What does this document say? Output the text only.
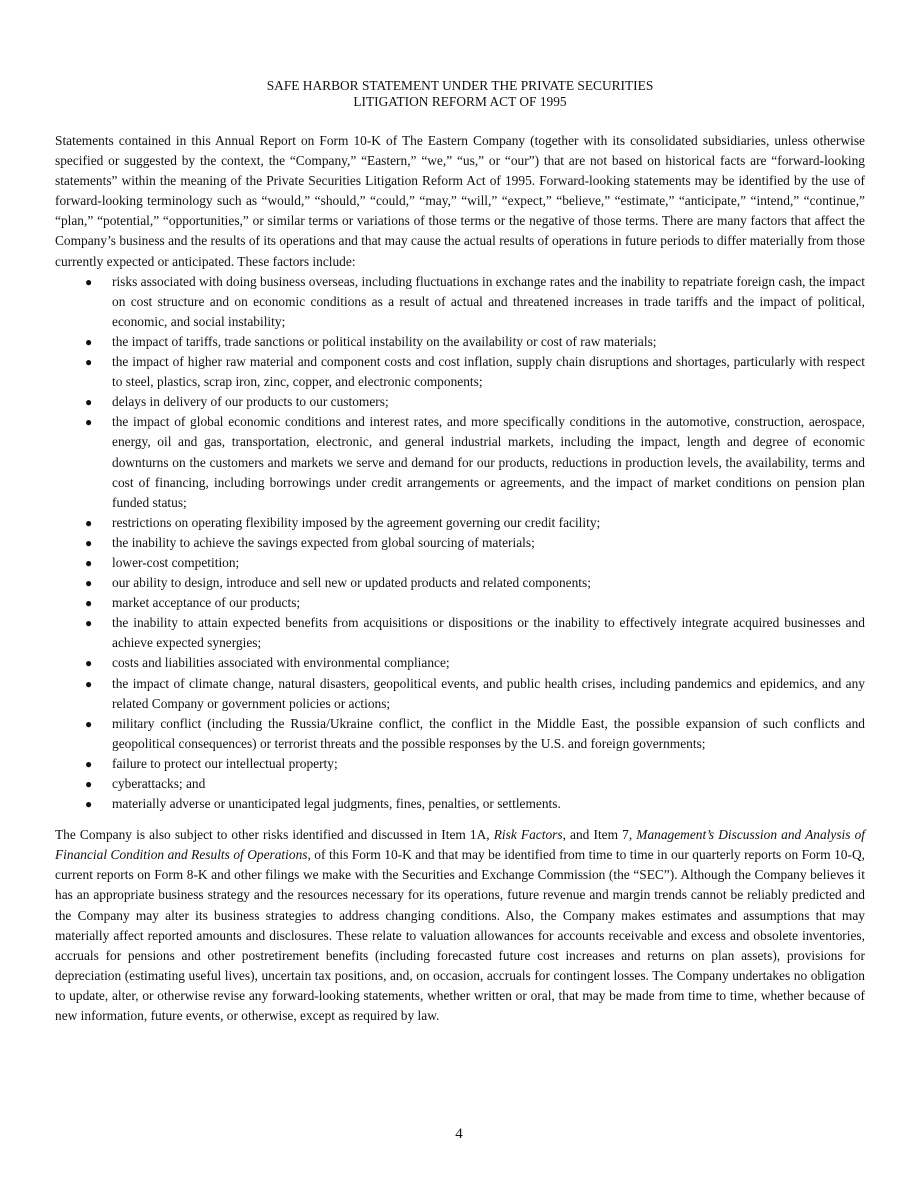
SAFE HARBOR STATEMENT UNDER THE PRIVATE SECURITIES
LITIGATION REFORM ACT OF 1995

Statements contained in this Annual Report on Form 10-K of The Eastern Company (together with its consolidated subsidiaries, unless otherwise specified or suggested by the context, the “Company,” “Eastern,” “we,” “us,” or “our”) that are not based on historical facts are “forward-looking statements” within the meaning of the Private Securities Litigation Reform Act of 1995. Forward-looking statements may be identified by the use of forward-looking terminology such as “would,” “should,” “could,” “may,” “will,” “expect,” “believe,” “estimate,” “anticipate,” “intend,” “continue,” “plan,” “potential,” “opportunities,” or similar terms or variations of those terms or the negative of those terms. There are many factors that affect the Company’s business and the results of its operations and that may cause the actual results of operations in future periods to differ materially from those currently expected or anticipated. These factors include:

● risks associated with doing business overseas, including fluctuations in exchange rates and the inability to repatriate foreign cash, the impact on cost structure and on economic conditions as a result of actual and threatened increases in trade tariffs and the impact of political, economic, and social instability;
● the impact of tariffs, trade sanctions or political instability on the availability or cost of raw materials;
● the impact of higher raw material and component costs and cost inflation, supply chain disruptions and shortages, particularly with respect to steel, plastics, scrap iron, zinc, copper, and electronic components;
● delays in delivery of our products to our customers;
● the impact of global economic conditions and interest rates, and more specifically conditions in the automotive, construction, aerospace, energy, oil and gas, transportation, electronic, and general industrial markets, including the impact, length and degree of economic downturns on the customers and markets we serve and demand for our products, reductions in production levels, the availability, terms and cost of financing, including borrowings under credit arrangements or agreements, and the impact of market conditions on pension plan funded status;
● restrictions on operating flexibility imposed by the agreement governing our credit facility;
● the inability to achieve the savings expected from global sourcing of materials;
● lower-cost competition;
● our ability to design, introduce and sell new or updated products and related components;
● market acceptance of our products;
● the inability to attain expected benefits from acquisitions or dispositions or the inability to effectively integrate acquired businesses and achieve expected synergies;
● costs and liabilities associated with environmental compliance;
● the impact of climate change, natural disasters, geopolitical events, and public health crises, including pandemics and epidemics, and any related Company or government policies or actions;
● military conflict (including the Russia/Ukraine conflict, the conflict in the Middle East, the possible expansion of such conflicts and geopolitical consequences) or terrorist threats and the possible responses by the U.S. and foreign governments;
● failure to protect our intellectual property;
● cyberattacks; and
● materially adverse or unanticipated legal judgments, fines, penalties, or settlements.

The Company is also subject to other risks identified and discussed in Item 1A, Risk Factors, and Item 7, Management’s Discussion and Analysis of Financial Condition and Results of Operations, of this Form 10-K and that may be identified from time to time in our quarterly reports on Form 10-Q, current reports on Form 8-K and other filings we make with the Securities and Exchange Commission (the “SEC”). Although the Company believes it has an appropriate business strategy and the resources necessary for its operations, future revenue and margin trends cannot be reliably predicted and the Company may alter its business strategies to address changing conditions. Also, the Company makes estimates and assumptions that may materially affect reported amounts and disclosures. These relate to valuation allowances for accounts receivable and excess and obsolete inventories, accruals for pensions and other postretirement benefits (including forecasted future cost increases and returns on plan assets), provisions for depreciation (estimating useful lives), uncertain tax positions, and, on occasion, accruals for contingent losses. The Company undertakes no obligation to update, alter, or otherwise revise any forward-looking statements, whether written or oral, that may be made from time to time, whether because of new information, future events, or otherwise, except as required by law.

4
